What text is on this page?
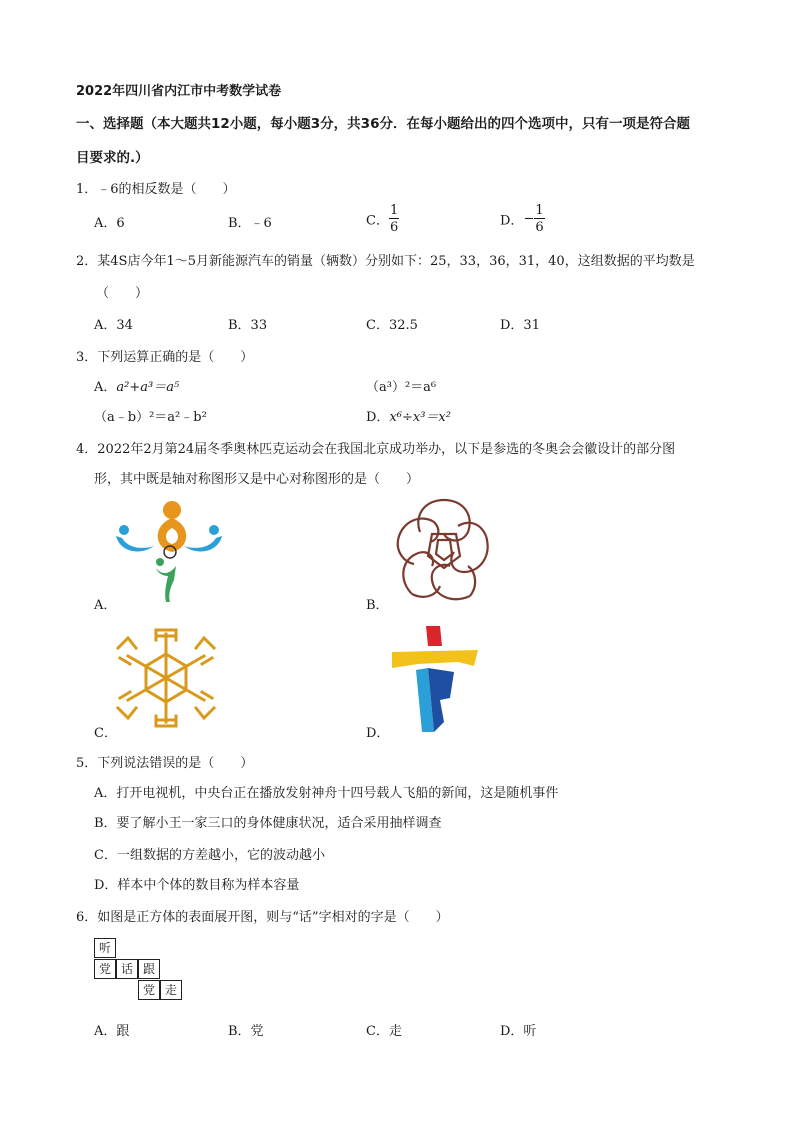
2022年四川省内江市中考数学试卷
一、选择题（本大题共12小题，每小题3分，共36分．在每小题给出的四个选项中，只有一项是符合题
目要求的.）
1．﹣6的相反数是（　　）
A．6	B．﹣6	C． $\frac{1}{6}$	D．− $\frac{1}{6}$
2．某4S店今年1～5月新能源汽车的销量（辆数）分别如下：25，33，36，31，40，这组数据的平均数是
（　　）
A．34	B．33	C．32.5	D．31
3．下列运算正确的是（　　）
A．a²+a³＝a⁵	（a³）²＝a⁶
（a﹣b）²＝a²﹣b²	D．x⁶÷x³＝x²
4．2022年2月第24届冬季奥林匹克运动会在我国北京成功举办，以下是参选的冬奥会会徽设计的部分图
形，其中既是轴对称图形又是中心对称图形的是（　　）
A．	B．
C．	D．
5．下列说法错误的是（　　）
A．打开电视机，中央台正在播放发射神舟十四号载人飞船的新闻，这是随机事件
B．要了解小王一家三口的身体健康状况，适合采用抽样调查
C．一组数据的方差越小，它的波动越小
D．样本中个体的数目称为样本容量
6．如图是正方体的表面展开图，则与“话”字相对的字是（　　）
听
党 话 跟
党 走
A．跟	B．党	C．走	D．听
